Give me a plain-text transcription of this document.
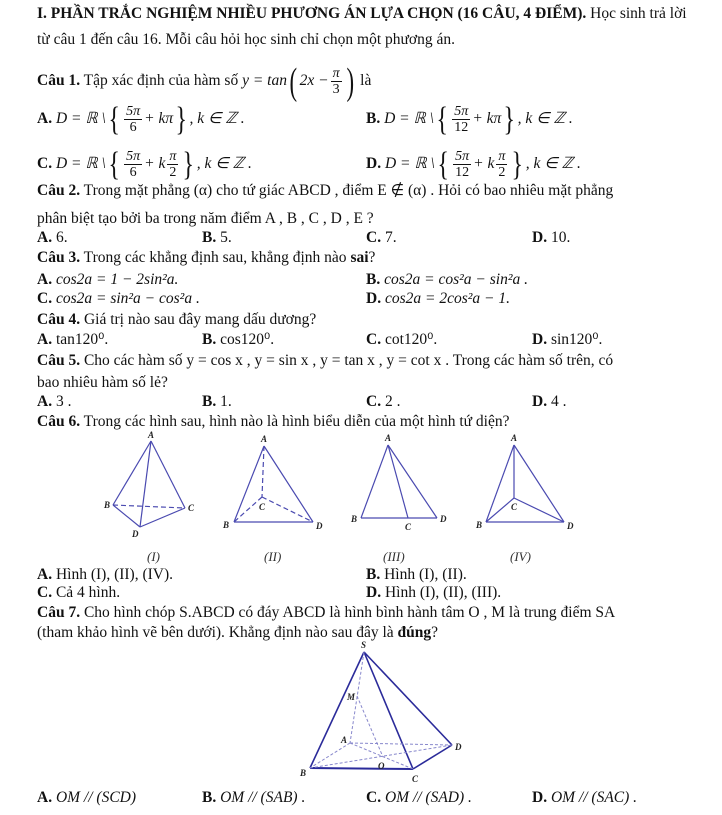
I. PHẦN TRẮC NGHIỆM NHIỀU PHƯƠNG ÁN LỰA CHỌN (16 CÂU, 4 ĐIỂM). Học sinh trả lời
từ câu 1 đến câu 16. Mỗi câu hỏi học sinh chỉ chọn một phương án.
Câu 1. Tập xác định của hàm số y = tan( $2x - \frac{\pi}{3}$ ) là
A. D = ℝ \{ $\frac{5\pi}{6} + k\pi$} , k ∈ ℤ .	B. D = ℝ \{ $\frac{5\pi}{12} + k\pi$} , k ∈ ℤ .
C. D = ℝ \{ $\frac{5\pi}{6} + k \frac{\pi}{2}$ } , k ∈ ℤ .	D. D = ℝ \{ $\frac{5\pi}{12} + k \frac{\pi}{2}$ } , k ∈ ℤ .
Câu 2. Trong mặt phẳng (α) cho tứ giác ABCD , điểm E ∉ (α) . Hỏi có bao nhiêu mặt phẳng
phân biệt tạo bởi ba trong năm điểm A , B , C , D , E ?
A. 6.	B. 5.	C. 7.	D. 10.
Câu 3. Trong các khẳng định sau, khẳng định nào sai?
A. cos2a = 1 − 2sin²a.	B. cos2a = cos²a − sin²a .
C. cos2a = sin²a − cos²a .	D. cos2a = 2cos²a − 1.
Câu 4. Giá trị nào sau đây mang dấu dương?
A. tan120⁰.	B. cos120⁰.	C. cot120⁰.	D. sin120⁰.
Câu 5. Cho các hàm số y = cos x , y = sin x , y = tan x , y = cot x . Trong các hàm số trên, có
bao nhiêu hàm số lẻ?
A. 3 .	B. 1.	C. 2 .	D. 4 .
Câu 6. Trong các hình sau, hình nào là hình biểu diễn của một hình tứ diện?
A
B	C
D
(I)
A
B
C
D
(II)
A
B
C
D
(III)
A
B
C
D
(IV)
S
M
A
D
O
B
C
A. Hình (I), (II), (IV).	B. Hình (I), (II).
C. Cả 4 hình.	D. Hình (I), (II), (III).
Câu 7. Cho hình chóp S.ABCD có đáy ABCD là hình bình hành tâm O , M là trung điểm SA
(tham khảo hình vẽ bên dưới). Khẳng định nào sau đây là đúng?
A. OM // (SCD)	B. OM // (SAB) .	C. OM // (SAD) .	D. OM // (SAC) .
